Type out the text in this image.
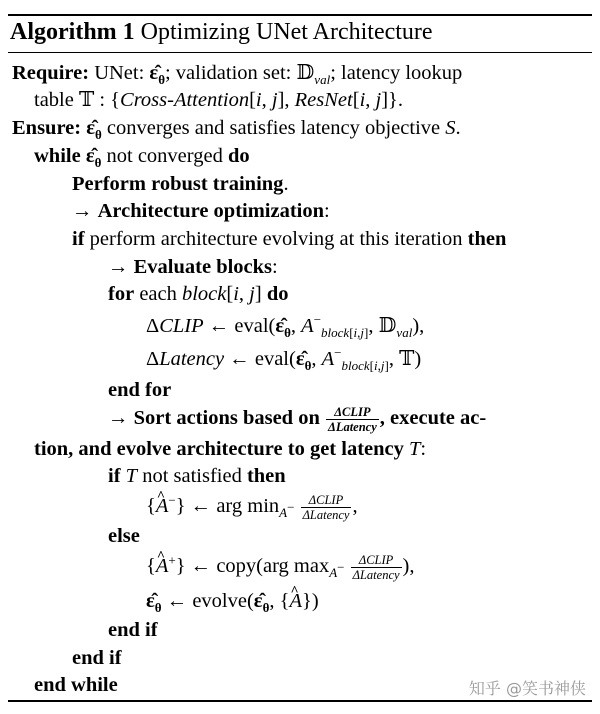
Algorithm 1 Optimizing UNet Architecture
Require: UNet: $\varepsilon̂_\theta$; validation set: 𝔻$_{val}$; latency lookup
table 𝕋 : {Cross-Attention[i, j], ResNet[i, j]}.
Ensure: $\varepsilon̂_\theta$ converges and satisfies latency objective S.
while $\varepsilon̂_\theta$ not converged do
Perform robust training.
→ Architecture optimization:
if perform architecture evolving at this iteration then
→ Evaluate blocks:
for each block[i, j] do
ΔCLIP ← $eval(\varepsilon̂_\theta$, $A^-_{block[i,j]}$, 𝔻$_{val}$),
ΔLatency ← $eval(\varepsilon̂_\theta$, $A^-_{block[i,j]}$, 𝕋)
end for
→ Sort actions based on $\frac{\text{ΔCLIP}}{\text{ΔLatency}}$ , execute ac-
tion, and evolve architecture to get latency T:
if T not satisfied then
{^ A−} ← arg $\min_{A^-} \frac{\text{ΔCLIP}}{\text{ΔLatency}}$ ,
else
{^ A+} ← copy(arg $\max_{A^-} \frac{\text{ΔCLIP}}{\text{ΔLatency}}$ ),
$\varepsilon̂_\theta$ ← $evolve(\varepsilon̂_\theta$, {^ A})
end if
end if
end while	知乎 @笑书神侠
